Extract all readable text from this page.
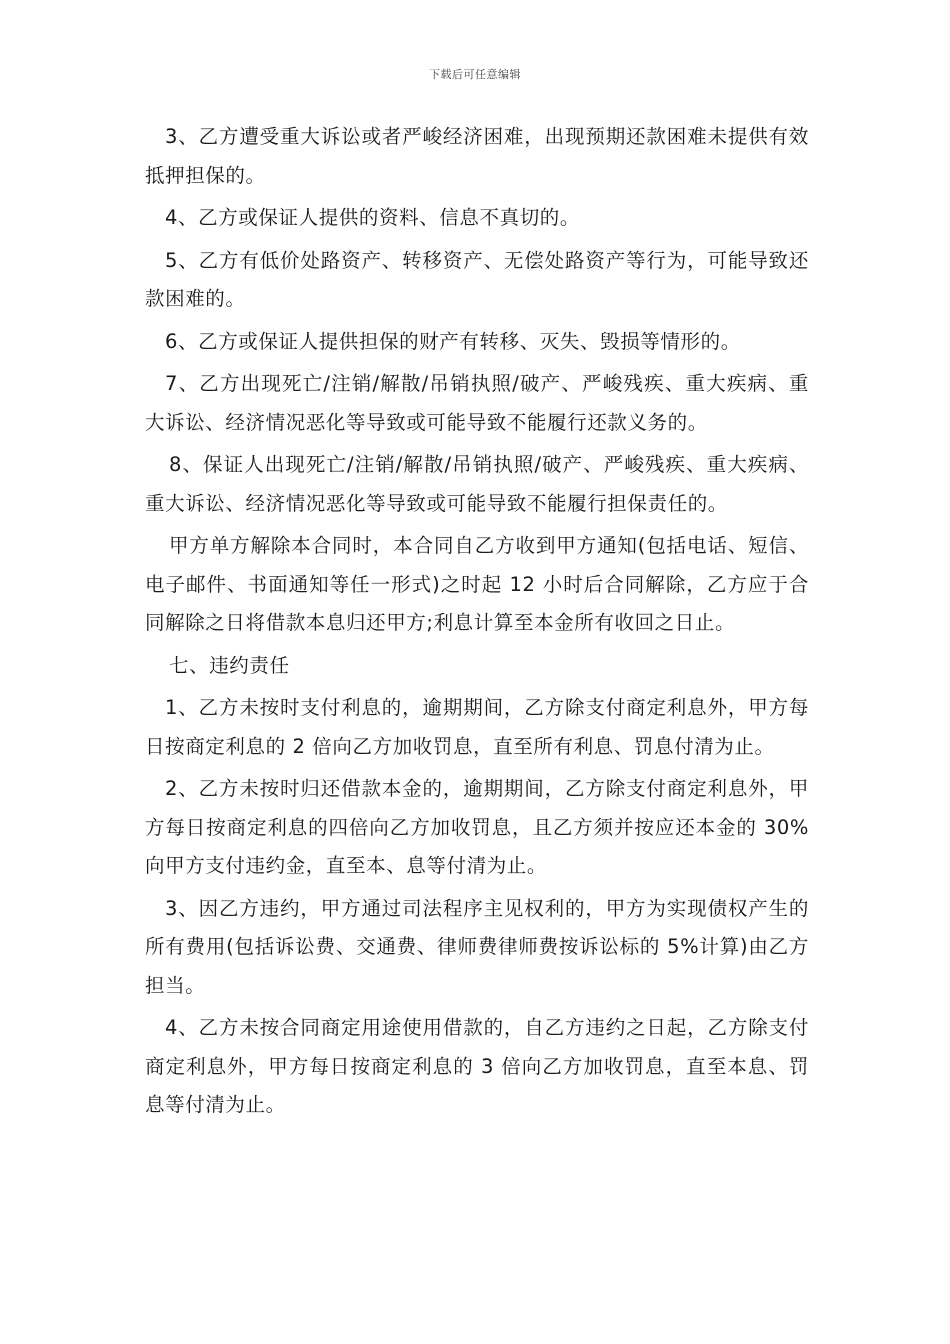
下载后可任意编辑

3、乙方遭受重大诉讼或者严峻经济困难，出现预期还款困难未提供有效抵押担保的。

4、乙方或保证人提供的资料、信息不真切的。

5、乙方有低价处路资产、转移资产、无偿处路资产等行为，可能导致还款困难的。

6、乙方或保证人提供担保的财产有转移、灭失、毁损等情形的。

7、乙方出现死亡/注销/解散/吊销执照/破产、严峻残疾、重大疾病、重大诉讼、经济情况恶化等导致或可能导致不能履行还款义务的。

8、保证人出现死亡/注销/解散/吊销执照/破产、严峻残疾、重大疾病、重大诉讼、经济情况恶化等导致或可能导致不能履行担保责任的。

甲方单方解除本合同时，本合同自乙方收到甲方通知(包括电话、短信、电子邮件、书面通知等任一形式)之时起 12 小时后合同解除，乙方应于合同解除之日将借款本息归还甲方;利息计算至本金所有收回之日止。

七、违约责任

1、乙方未按时支付利息的，逾期期间，乙方除支付商定利息外，甲方每日按商定利息的 2 倍向乙方加收罚息，直至所有利息、罚息付清为止。

2、乙方未按时归还借款本金的，逾期期间，乙方除支付商定利息外，甲方每日按商定利息的四倍向乙方加收罚息，且乙方须并按应还本金的 30%向甲方支付违约金，直至本、息等付清为止。

3、因乙方违约，甲方通过司法程序主见权利的，甲方为实现债权产生的所有费用(包括诉讼费、交通费、律师费律师费按诉讼标的 5%计算)由乙方担当。

4、乙方未按合同商定用途使用借款的，自乙方违约之日起，乙方除支付商定利息外，甲方每日按商定利息的 3 倍向乙方加收罚息，直至本息、罚息等付清为止。
